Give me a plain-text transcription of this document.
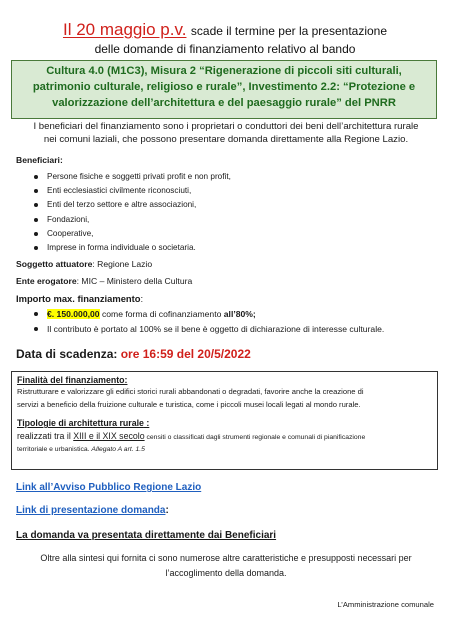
Il 20 maggio p.v. scade il termine per la presentazione
delle domande di finanziamento relativo al bando
Cultura 4.0 (M1C3), Misura 2 “Rigenerazione di piccoli siti culturali,
patrimonio culturale, religioso e rurale”, Investimento 2.2: “Protezione e
valorizzazione dell’architettura e del paesaggio rurale” del PNRR
I beneficiari del finanziamento sono i proprietari o conduttori dei beni dell’architettura rurale
nei comuni laziali, che possono presentare domanda direttamente alla Regione Lazio.
Beneficiari:
Persone fisiche e soggetti privati profit e non profit,
Enti ecclesiastici civilmente riconosciuti,
Enti del terzo settore e altre associazioni,
Fondazioni,
Cooperative,
Imprese in forma individuale o societaria.
Soggetto attuatore: Regione Lazio
Ente erogatore: MIC – Ministero della Cultura
Importo max. finanziamento:
€. 150.000,00 come forma di cofinanziamento all’80%;
Il contributo è portato al 100% se il bene è oggetto di dichiarazione di interesse culturale.
Data di scadenza: ore 16:59 del 20/5/2022
Finalità del finanziamento:
Ristrutturare e valorizzare gli edifici storici rurali abbandonati o degradati, favorire anche la creazione di
servizi a beneficio della fruizione culturale e turistica, come i piccoli musei locali legati al mondo rurale.
Tipologie di architettura rurale :
realizzati tra il XIII e il XIX secolo censiti o classificati dagli strumenti regionale e comunali di pianificazione
territoriale e urbanistica. Allegato A art. 1.5
Link all’Avviso Pubblico Regione Lazio
Link di presentazione domanda:
La domanda va presentata direttamente dai Beneficiari
Oltre alla sintesi qui fornita ci sono numerose altre caratteristiche e presupposti necessari per
l’accoglimento della domanda.
L’Amministrazione comunale
